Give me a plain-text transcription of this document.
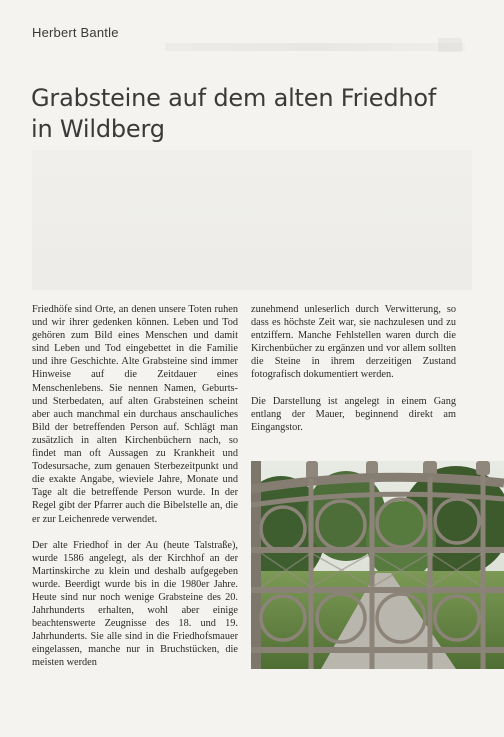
Herbert Bantle
Grabsteine auf dem alten Friedhof
in Wildberg

Friedhöfe sind Orte, an denen unsere Toten ruhen und wir ihrer gedenken können. Leben und Tod gehören zum Bild eines Menschen und damit sind Leben und Tod eingebettet in die Familie und ihre Geschichte. Alte Grabsteine sind immer Hinweise auf die Zeitdauer eines Menschenlebens. Sie nennen Namen, Geburts- und Sterbedaten, auf alten Grabsteinen scheint aber auch manchmal ein durchaus anschauliches Bild der betreffenden Person auf. Schlägt man zusätzlich in alten Kirchenbüchern nach, so findet man oft Aussagen zu Krankheit und Todesursache, zum genauen Sterbezeitpunkt und die exakte Angabe, wieviele Jahre, Monate und Tage alt die betreffende Person wurde. In der Regel gibt der Pfarrer auch die Bibelstelle an, die er zur Leichenrede verwendet.

Der alte Friedhof in der Au (heute Talstraße), wurde 1586 angelegt, als der Kirchhof an der Martinskirche zu klein und deshalb aufgegeben wurde. Beerdigt wurde bis in die 1980er Jahre. Heute sind nur noch wenige Grabsteine des 20. Jahrhunderts erhalten, wohl aber einige beachtenswerte Zeugnisse des 18. und 19. Jahrhunderts. Sie alle sind in die Friedhofsmauer eingelassen, manche nur in Bruchstücken, die meisten werden

zunehmend unleserlich durch Verwitterung, so dass es höchste Zeit war, sie nachzulesen und zu entziffern. Manche Fehlstellen waren durch die Kirchenbücher zu ergänzen und vor allem sollten die Steine in ihrem derzeitigen Zustand fotografisch dokumentiert werden.

Die Darstellung ist angelegt in einem Gang entlang der Mauer, beginnend direkt am Eingangstor.
